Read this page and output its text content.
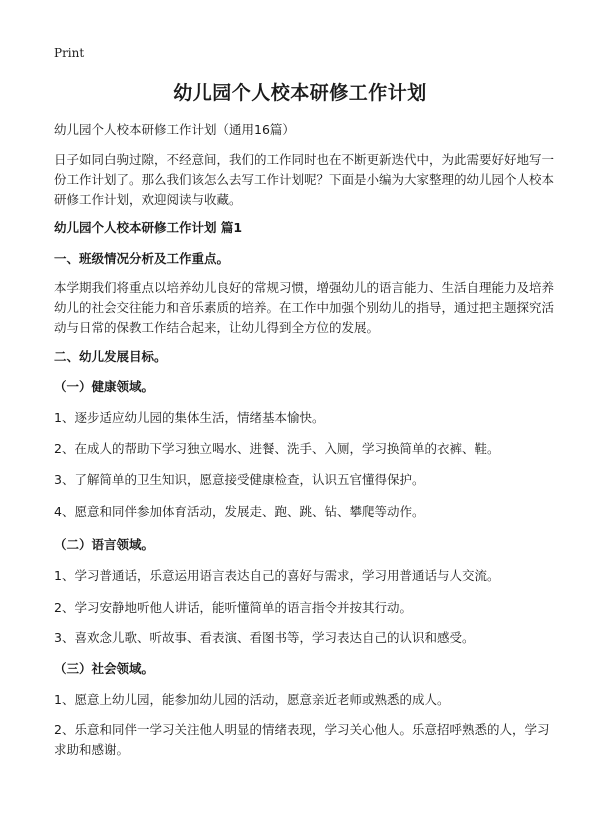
Print
幼儿园个人校本研修工作计划

幼儿园个人校本研修工作计划（通用16篇）

日子如同白驹过隙，不经意间，我们的工作同时也在不断更新迭代中，为此需要好好地写一份工作计划了。那么我们该怎么去写工作计划呢？下面是小编为大家整理的幼儿园个人校本研修工作计划，欢迎阅读与收藏。

幼儿园个人校本研修工作计划 篇1

一、班级情况分析及工作重点。

本学期我们将重点以培养幼儿良好的常规习惯，增强幼儿的语言能力、生活自理能力及培养幼儿的社会交往能力和音乐素质的培养。在工作中加强个别幼儿的指导，通过把主题探究活动与日常的保教工作结合起来，让幼儿得到全方位的发展。

二、幼儿发展目标。

（一）健康领域。

1、逐步适应幼儿园的集体生活，情绪基本愉快。

2、在成人的帮助下学习独立喝水、进餐、洗手、入厕，学习换简单的衣裤、鞋。

3、了解简单的卫生知识，愿意接受健康检查，认识五官懂得保护。

4、愿意和同伴参加体育活动，发展走、跑、跳、钻、攀爬等动作。

（二）语言领域。

1、学习普通话，乐意运用语言表达自己的喜好与需求，学习用普通话与人交流。

2、学习安静地听他人讲话，能听懂简单的语言指令并按其行动。

3、喜欢念儿歌、听故事、看表演、看图书等，学习表达自己的认识和感受。

（三）社会领域。

1、愿意上幼儿园，能参加幼儿园的活动，愿意亲近老师或熟悉的成人。

2、乐意和同伴一学习关注他人明显的情绪表现，学习关心他人。乐意招呼熟悉的人，学习求助和感谢。
